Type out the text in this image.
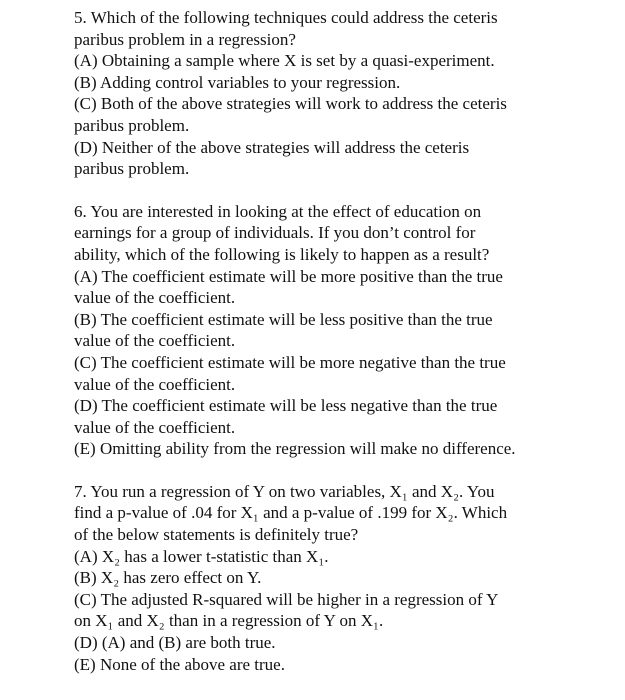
5. Which of the following techniques could address the ceteris
paribus problem in a regression?
(A) Obtaining a sample where X is set by a quasi-experiment.
(B) Adding control variables to your regression.
(C) Both of the above strategies will work to address the ceteris
paribus problem.
(D) Neither of the above strategies will address the ceteris
paribus problem.
6. You are interested in looking at the effect of education on
earnings for a group of individuals. If you don’t control for
ability, which of the following is likely to happen as a result?
(A) The coefficient estimate will be more positive than the true
value of the coefficient.
(B) The coefficient estimate will be less positive than the true
value of the coefficient.
(C) The coefficient estimate will be more negative than the true
value of the coefficient.
(D) The coefficient estimate will be less negative than the true
value of the coefficient.
(E) Omitting ability from the regression will make no difference.
7. You run a regression of Y on two variables, X₁ and X₂. You
find a p-value of .04 for X₁ and a p-value of .199 for X₂. Which
of the below statements is definitely true?
(A) X₂ has a lower t-statistic than X₁.
(B) X₂ has zero effect on Y.
(C) The adjusted R-squared will be higher in a regression of Y
on X₁ and X₂ than in a regression of Y on X₁.
(D) (A) and (B) are both true.
(E) None of the above are true.
